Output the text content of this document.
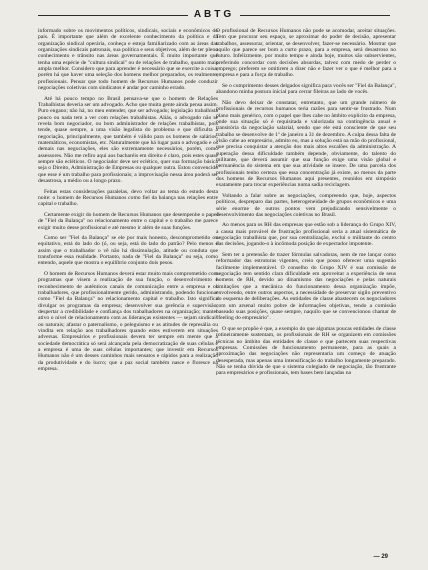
ABTG

informado sobre os movimentos políticos, sindicais, sociais e econômicos do país. É importante que além de excelente conhecimento da política e da organização sindical operária, conheça e esteja familiarizado com as áreas das organizações sindicais patronais, sua política e seus objetivos, além de ter pleno conhecimento e trânsito nas áreas governamentais. É muito importante que tenha uma espécie de "cultura sindical" ou de relações de trabalho, quanto mais ampla melhor. Considero que para aprender é necessário que se exercite a coisa, porém há que haver uma seleção dos homens melhor preparados, os realmente, profissionais. Pensar que todo homem de Recursos Humanos pode conduzir negociações coletivas com sindicatos é andar por caminho errado.

Até há pouco tempo no Brasil pensava-se que o homem de Relações Trabalhistas deveria ser um advogado. Acho que muita gente ainda pensa assim. Puro engano; não há, no meu entender, que ser advogado; legislação trabalhista pouco ou nada tem a ver com relações trabalhistas. Aliás, o advogado não se revela bom negociador, ou bom administrador de relações trabalhistas, pois tende, quase sempre, a uma visão legalista do problema e que dificulta a negociação, principalmente, que também é válido para os homens de salários, matemáticos, economistas, etc. Naturalmente que há lugar para o advogado e os demais nas negociações, eles são extremamente necessários, porém, como assessores. Não me refiro aqui aos bacharéis em direito é claro, pois estes quase sempre são ecléticos. O negociador deve ser eclético, quer sua formação básica seja o Direito, Administração de Empresas ou qualquer outra. Estou convencido que esse é um trabalho para profissionais; a improvisação nessa área poderá ser desastrosa, a médio ou a longo prazo.

Feitas estas considerações paralelas, devo voltar ao tema do estudo desta noite: o homem de Recursos Humanos como fiel da balança nas relações entre capital e trabalho.

Certamente exigir do homem de Recursos Humanos que desempenhe o papel de "Fiel da Balança" no relacionamento entre o capital e o trabalho me parece exigir muito desse profissional e até mesmo ir além de suas funções.

Como ser "Fiel da Balança" se ele por mais honesto, descomprometido ou equitativo, está do lado do (ó, ou seja, está do lado do patrão? Pelo menos é assim que o trabalhador o vê não há dissimulação, atitude ou conduta que transforme essa realidade. Portanto, nada de "Fiel da Balança" ou seja, como entendo, aquele que mostra o equilíbrio conjunto dois pesos.

O homem de Recursos Humanos deverá estar muito mais comprometido com programas que visem a realização de sua função, o desenvolvimento e reconhecimento de autênticos canais de comunicação entre a empresa e os trabalhadores, que profissionalmente gerido, administrando, podendo funcionar como "Fiel da Balança" no relacionamento capital e trabalho. Isto significa divulgar os programas da empresa; desenvolver sua gerência e supervisão; despertar a credibilidade e confiança dos trabalhadores na organização; manter ativo o nível de relacionamento com as lideranças existentes — sejam sindicais ou naturais; afastar o paternalismo, o peleguismo e as atitudes de represália ou vindita em relação aos trabalhadores quando estes estiverem em situações adversas. Empresários e profissionais devem ter sempre em mente que a sociedade democrática só será alcançada pela democratização de suas células e a empresa é uma de suas células importantes; que investir em Recursos Humanos não é um desses caminhos mais sensatos e rápidos para a realização da produtividade e do lucro; que a paz social também nasce e floresce na empresa.

O profissional de Recursos Humanos não pode se acomodar, aceitar situações. Tem que procurar seu espaço, se aproximar do poder de decisão, apresentar trabalhos, assessorar, orientar, se desenvolver, fazer-se necessário. Mostrar que aquilo que parece ser bom a curto prazo, para a empresa, será desastroso no futuro. Infelizmente, por muito tempo e ainda hoje, muitos são subservientes, preferindo concordar com decisões absurdas, talvez com medo de perder o emprego; preferem se omitirem a dizer não e fazer ver o que é melhor para a empresa e para a força de trabalho.

Se o cumprimento desses delgados significa para vocês ser "Fiel da Balança", abandono minha postura inicial para cerrar fileiras ao lado de vocês.

Não devo deixar de constatar, entretanto, que um grande número de profissionais de recursos humanos teria razões para sentir-se frustrado. Num plano mais genérico, com o papel que lhes cabe no âmbito explícito da empresa, onde sua situação só é requisitada e valorizada na contingência anual e transitória da negociação salarial, sendo que ele está consciente de que seu trabalho se desenvolve de 1º de janeiro a 31 de dezembro. A culpa dessa falta de visão cabe ao empresário, admito eu, mas a solução está na mão do profissional, que precisa conquistar a atenção dos mais altos escalões da administração. A superação dessa dificuldade também depende, obviamente, do talento do militante, que deverá assumir que sua função exige uma visão global e permanência do sistema em que sua atividade se insere. De uma parcela dos profissionais tenho certeza que essa concentração já existe, ao menos da parte dos homens de Recursos Humanos aqui presentes, reunidos em simpósio exatamente para trocar experiências numa sadia reciclagem.

Voltando a falar sobre as negociações, compreendo que, hoje, aspectos políticos, despreparo das partes, heterogeneidade de grupos econômicos e uma série enorme de outros pontos vem prejudicando sensivelmente o desenvolvimento das negociações coletivas no Brasil.

Ao menos para os RH das empresas que estão sob a liderança do Grupo XIV, a causa mais provável de frustração profissional seria a atual sistemática de negociação trabalhista que, por sua centralização, exclui o militante do centro das decisões, jogando-o à incômoda posição de expectador impotente.

Sem ter a pretensão de trazer fórmulas salvadoras, nem de me lançar como reformador das estruturas vigentes, creio que posso oferecer uma sugestão facilmente implementável. O conselho do Grupo XIV é sua comissão de negociação tem sentido clara dificuldade em aproveitar a experiência de seus homens de RH, devido ao dinamismo das negociações e pelas naturais limitações que a mecânica do funcionamento dessa organização impõe, envolvendo, entre outros aspectos, a necessidade de preservar sigilo preventivo do esquema de deliberações. As entidades de classe abastecem os negociadores com um arsenal muito pobre de informações objetivas, tendo a comissão baseado suas posições, quase sempre, naquilo que se convencionou chamar de "feeling do empresário".

O que se propõe é que, a exemplo do que algumas poucas entidades de classe rotineiramente sustentam, os profissionais de RH se organizem em comissões técnicas no âmbito das entidades de classe e que partecem suas respectivas empresas. Comissões de funcionamento permanente, para as quais a aproximação das negociações não representaria um começo de atuação desesperada, mas apenas uma intensificação do trabalho longamente preparado. Não se tenha dúvida de que o sistema colegiado de negociação, tão frustrante para empresários e profissionais, tem bases bem lançadas na

— 29
